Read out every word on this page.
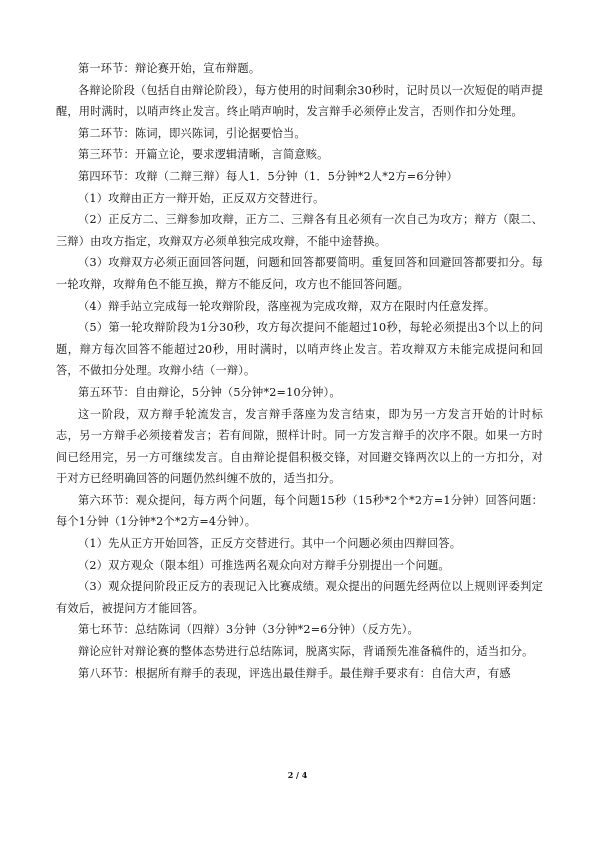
第一环节：辩论赛开始，宣布辩题。

各辩论阶段（包括自由辩论阶段），每方使用的时间剩余30秒时，记时员以一次短促的哨声提醒，用时满时，以哨声终止发言。终止哨声响时，发言辩手必须停止发言，否则作扣分处理。

第二环节：陈词，即兴陈词，引论据要恰当。

第三环节：开篇立论，要求逻辑清晰，言简意赅。

第四环节：攻辩（二辩三辩）每人1．5分钟（1．5分钟*2人*2方=6分钟）

（1）攻辩由正方一辩开始，正反双方交替进行。

（2）正反方二、三辩参加攻辩，正方二、三辩各有且必须有一次自己为攻方；辩方（限二、三辩）由攻方指定，攻辩双方必须单独完成攻辩，不能中途替换。

（3）攻辩双方必须正面回答问题，问题和回答都要简明。重复回答和回避回答都要扣分。每一轮攻辩，攻辩角色不能互换，辩方不能反问，攻方也不能回答问题。

（4）辩手站立完成每一轮攻辩阶段，落座视为完成攻辩，双方在限时内任意发挥。

（5）第一轮攻辩阶段为1分30秒，攻方每次提问不能超过10秒，每轮必须提出3个以上的问题，辩方每次回答不能超过20秒，用时满时，以哨声终止发言。若攻辩双方未能完成提问和回答，不做扣分处理。攻辩小结（一辩）。

第五环节：自由辩论，5分钟（5分钟*2=10分钟）。

这一阶段，双方辩手轮流发言，发言辩手落座为发言结束，即为另一方发言开始的计时标志，另一方辩手必须接着发言；若有间隙，照样计时。同一方发言辩手的次序不限。如果一方时间已经用完，另一方可继续发言。自由辩论提倡积极交锋，对回避交锋两次以上的一方扣分，对于对方已经明确回答的问题仍然纠缠不放的，适当扣分。

第六环节：观众提问，每方两个问题，每个问题15秒（15秒*2个*2方=1分钟）回答问题：每个1分钟（1分钟*2个*2方=4分钟）。

（1）先从正方开始回答，正反方交替进行。其中一个问题必须由四辩回答。

（2）双方观众（限本组）可推选两名观众向对方辩手分别提出一个问题。

（3）观众提问阶段正反方的表现记入比赛成绩。观众提出的问题先经两位以上规则评委判定有效后，被提问方才能回答。

第七环节：总结陈词（四辩）3分钟（3分钟*2=6分钟）（反方先）。

辩论应针对辩论赛的整体态势进行总结陈词，脱离实际，背诵预先准备稿件的，适当扣分。

第八环节：根据所有辩手的表现，评选出最佳辩手。最佳辩手要求有：自信大声，有感

2 / 4
